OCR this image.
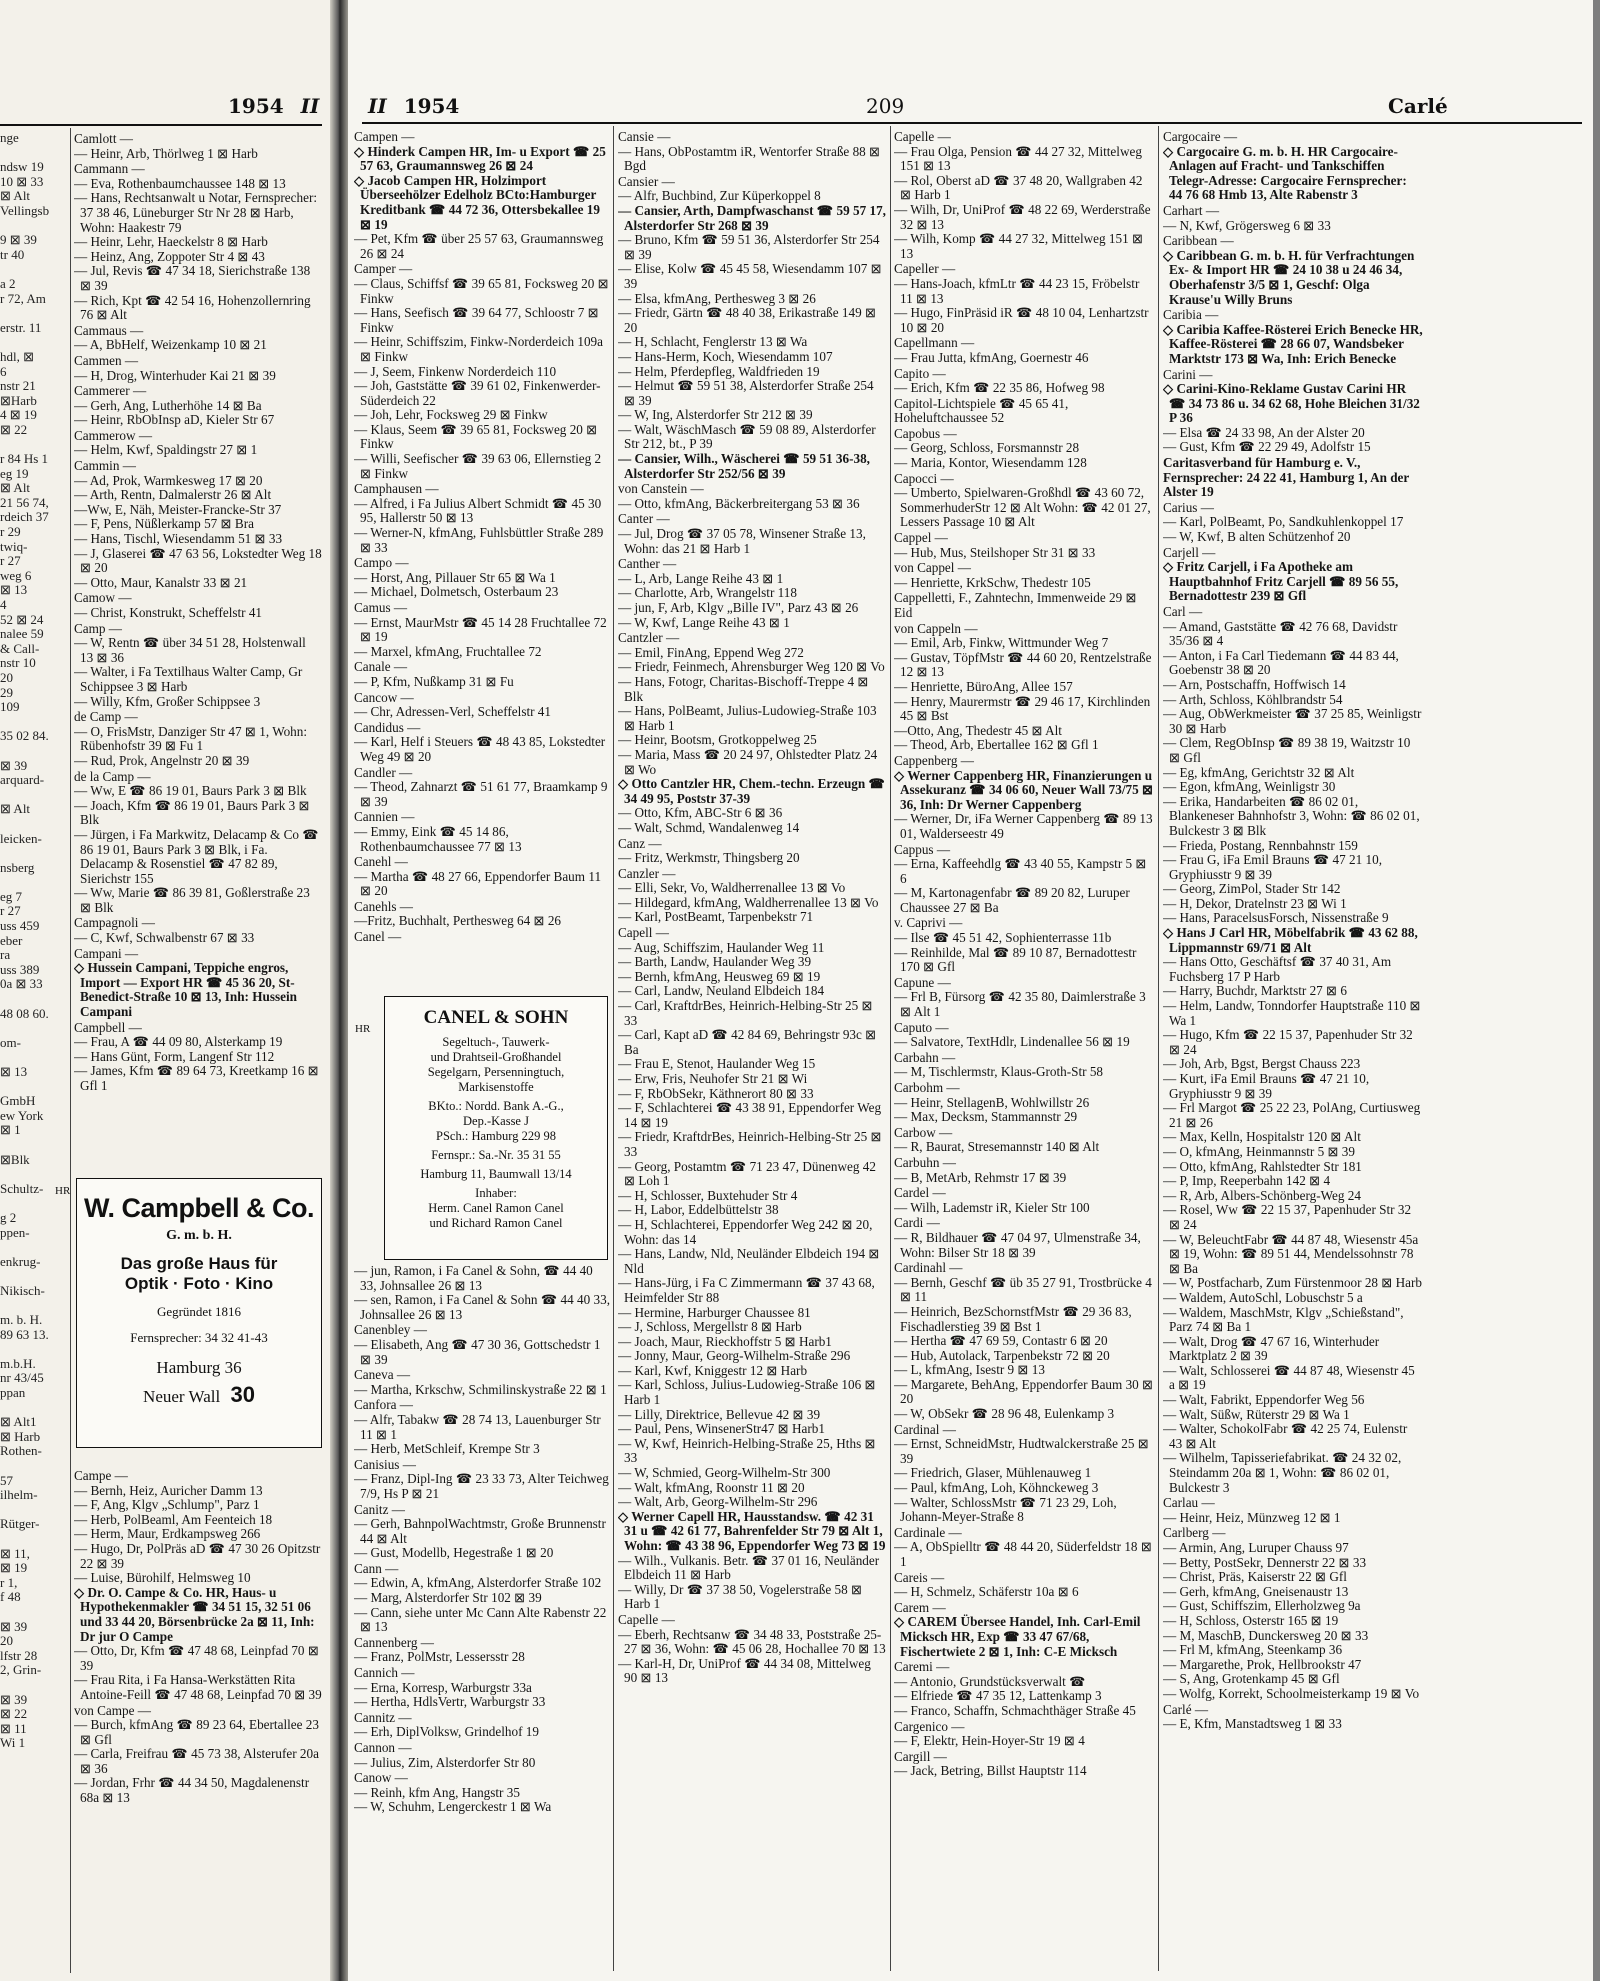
1954 II
nge
ndsw 19
10 ⊠ 33
⊠ Alt
Vellingsb
9 ⊠ 39
tr 40
a 2
r 72, Am
erstr. 11
hdl, ⊠
6
nstr 21
⊠Harb
4 ⊠ 19
⊠ 22
r 84 Hs 1
eg 19
⊠ Alt
21 56 74,
rdeich 37
r 29
twiq-
r 27
weg 6
⊠ 13
4
52 ⊠ 24
nalee 59
& Call-
nstr 10
20
29
109
35 02 84.
⊠ 39
arquard-
⊠ Alt
leicken-
nsberg
eg 7
r 27
uss 459
eber
ra
uss 389
0a ⊠ 33
48 08 60.
om-
⊠ 13
GmbH
ew York
⊠ 1
⊠Blk
Schultz-
g 2
ppen-
enkrug-
Nikisch-
m. b. H.
89 63 13.
m.b.H.
nr 43/45
ppan
⊠ Alt1
⊠ Harb
Rothen-
57
ilhelm-
Rütger-
⊠ 11,
⊠ 19
r 1,
f 48
⊠ 39
20
lfstr 28
2, Grin-
⊠ 39
⊠ 22
⊠ 11
Wi 1
Camlott —
— Heinr, Arb, Thörlweg 1 ⊠ Harb
Cammann —
— Eva, Rothenbaumchaussee 148 ⊠ 13
— Hans, Rechtsanwalt u Notar, Fernsprecher: 37 38 46, Lüneburger Str Nr 28 ⊠ Harb, Wohn: Haakestr 79
— Heinr, Lehr, Haeckelstr 8 ⊠ Harb
— Heinz, Ang, Zoppoter Str 4 ⊠ 43
— Jul, Revis ☎ 47 34 18, Sierichstraße 138 ⊠ 39
— Rich, Kpt ☎ 42 54 16, Hohenzollernring 76 ⊠ Alt
Cammaus —
— A, BbHelf, Weizenkamp 10 ⊠ 21
Cammen —
— H, Drog, Winterhuder Kai 21 ⊠ 39
Cammerer —
— Gerh, Ang, Lutherhöhe 14 ⊠ Ba
— Heinr, RbObInsp aD, Kieler Str 67
Cammerow —
— Helm, Kwf, Spaldingstr 27 ⊠ 1
Cammin —
— Ad, Prok, Warmkesweg 17 ⊠ 20
— Arth, Rentn, Dalmalerstr 26 ⊠ Alt
—Ww, E, Näh, Meister-Francke-Str 37
— F, Pens, Nüßlerkamp 57 ⊠ Bra
— Hans, Tischl, Wiesendamm 51 ⊠ 33
— J, Glaserei ☎ 47 63 56, Lokstedter Weg 18 ⊠ 20
— Otto, Maur, Kanalstr 33 ⊠ 21
Camow —
— Christ, Konstrukt, Scheffelstr 41
Camp —
— W, Rentn ☎ über 34 51 28, Holstenwall 13 ⊠ 36
— Walter, i Fa Textilhaus Walter Camp, Gr Schippsee 3 ⊠ Harb
— Willy, Kfm, Großer Schippsee 3
de Camp —
— O, FrisMstr, Danziger Str 47 ⊠ 1, Wohn: Rübenhofstr 39 ⊠ Fu 1
— Rud, Prok, Angelnstr 20 ⊠ 39
de la Camp —
— Ww, E ☎ 86 19 01, Baurs Park 3 ⊠ Blk
— Joach, Kfm ☎ 86 19 01, Baurs Park 3 ⊠ Blk
— Jürgen, i Fa Markwitz, Delacamp & Co ☎ 86 19 01, Baurs Park 3 ⊠ Blk, i Fa. Delacamp & Rosenstiel ☎ 47 82 89, Sierichstr 155
— Ww, Marie ☎ 86 39 81, Goßlerstraße 23 ⊠ Blk
Campagnoli —
— C, Kwf, Schwalbenstr 67 ⊠ 33
Campani —
◇ Hussein Campani, Teppiche engros, Import — Export HR ☎ 45 36 20, St-Benedict-Straße 10 ⊠ 13, Inh: Hussein Campani
Campbell —
— Frau, A ☎ 44 09 80, Alsterkamp 19
— Hans Günt, Form, Langenf Str 112
— James, Kfm ☎ 89 64 73, Kreetkamp 16 ⊠ Gfl 1
HR
W. Campbell & Co.
G. m. b. H.
Das große Haus für
Optik · Foto · Kino
Gegründet 1816
Fernsprecher: 34 32 41-43
Hamburg 36
Neuer Wall 30
Campe —
— Bernh, Heiz, Auricher Damm 13
— F, Ang, Klgv „Schlump", Parz 1
— Herb, PolBeaml, Am Feenteich 18
— Herm, Maur, Erdkampsweg 266
— Hugo, Dr, PolPräs aD ☎ 47 30 26 Opitzstr 22 ⊠ 39
— Luise, Bürohilf, Helmsweg 10
◇ Dr. O. Campe & Co. HR, Haus- u Hypothekenmakler ☎ 34 51 15, 32 51 06 und 33 44 20, Börsenbrücke 2a ⊠ 11, Inh: Dr jur O Campe
— Otto, Dr, Kfm ☎ 47 48 68, Leinpfad 70 ⊠ 39
— Frau Rita, i Fa Hansa-Werkstätten Rita Antoine-Feill ☎ 47 48 68, Leinpfad 70 ⊠ 39
von Campe —
— Burch, kfmAng ☎ 89 23 64, Ebertallee 23 ⊠ Gfl
— Carla, Freifrau ☎ 45 73 38, Alsterufer 20a ⊠ 36
— Jordan, Frhr ☎ 44 34 50, Magdalenenstr 68a ⊠ 13
II 1954	209	Carlé
Campen —
◇ Hinderk Campen HR, Im- u Export ☎ 25 57 63, Graumannsweg 26 ⊠ 24
◇ Jacob Campen HR, Holzimport Überseehölzer Edelholz BCto:Hamburger Kreditbank ☎ 44 72 36, Ottersbekallee 19 ⊠ 19
— Pet, Kfm ☎ über 25 57 63, Graumannsweg 26 ⊠ 24
Camper —
— Claus, Schiffsf ☎ 39 65 81, Focksweg 20 ⊠ Finkw
— Hans, Seefisch ☎ 39 64 77, Schloostr 7 ⊠ Finkw
— Heinr, Schiffszim, Finkw-Norderdeich 109a ⊠ Finkw
— J, Seem, Finkenw Norderdeich 110
— Joh, Gaststätte ☎ 39 61 02, Finkenwerder-Süderdeich 22
— Joh, Lehr, Focksweg 29 ⊠ Finkw
— Klaus, Seem ☎ 39 65 81, Focksweg 20 ⊠ Finkw
— Willi, Seefischer ☎ 39 63 06, Ellernstieg 2 ⊠ Finkw
Camphausen —
— Alfred, i Fa Julius Albert Schmidt ☎ 45 30 95, Hallerstr 50 ⊠ 13
— Werner-N, kfmAng, Fuhlsbüttler Straße 289 ⊠ 33
Campo —
— Horst, Ang, Pillauer Str 65 ⊠ Wa 1
— Michael, Dolmetsch, Osterbaum 23
Camus —
— Ernst, MaurMstr ☎ 45 14 28 Fruchtallee 72 ⊠ 19
— Marxel, kfmAng, Fruchtallee 72
Canale —
— P, Kfm, Nußkamp 31 ⊠ Fu
Cancow —
— Chr, Adressen-Verl, Scheffelstr 41
Candidus —
— Karl, Helf i Steuers ☎ 48 43 85, Lokstedter Weg 49 ⊠ 20
Candler —
— Theod, Zahnarzt ☎ 51 61 77, Braamkamp 9 ⊠ 39
Cannien —
— Emmy, Eink ☎ 45 14 86, Rothenbaumchaussee 77 ⊠ 13
Canehl —
— Martha ☎ 48 27 66, Eppendorfer Baum 11 ⊠ 20
Canehls —
—Fritz, Buchhalt, Perthesweg 64 ⊠ 26
Canel —
HR
CANEL & SOHN
Segeltuch-, Tauwerk-
und Drahtseil-Großhandel
Segelgarn, Persenningtuch,
Markisenstoffe
BKto.: Nordd. Bank A.-G.,
Dep.-Kasse J
PSch.: Hamburg 229 98
Fernspr.: Sa.-Nr. 35 31 55
Hamburg 11, Baumwall 13/14
Inhaber:
Herm. Canel Ramon Canel
und Richard Ramon Canel
— jun, Ramon, i Fa Canel & Sohn, ☎ 44 40 33, Johnsallee 26 ⊠ 13
— sen, Ramon, i Fa Canel & Sohn ☎ 44 40 33, Johnsallee 26 ⊠ 13
Canenbley —
— Elisabeth, Ang ☎ 47 30 36, Gottschedstr 1 ⊠ 39
Caneva —
— Martha, Krkschw, Schmilinskystraße 22 ⊠ 1
Canfora —
— Alfr, Tabakw ☎ 28 74 13, Lauenburger Str 11 ⊠ 1
— Herb, MetSchleif, Krempe Str 3
Canisius —
— Franz, Dipl-Ing ☎ 23 33 73, Alter Teichweg 7/9, Hs P ⊠ 21
Canitz —
— Gerh, BahnpolWachtmstr, Große Brunnenstr 44 ⊠ Alt
— Gust, Modellb, Hegestraße 1 ⊠ 20
Cann —
— Edwin, A, kfmAng, Alsterdorfer Straße 102
— Marg, Alsterdorfer Str 102 ⊠ 39
— Cann, siehe unter Mc Cann Alte Rabenstr 22 ⊠ 13
Cannenberg —
— Franz, PolMstr, Lessersstr 28
Cannich —
— Erna, Korresp, Warburgstr 33a
— Hertha, HdlsVertr, Warburgstr 33
Cannitz —
— Erh, DiplVolksw, Grindelhof 19
Cannon —
— Julius, Zim, Alsterdorfer Str 80
Canow —
— Reinh, kfm Ang, Hangstr 35
— W, Schuhm, Lengerckestr 1 ⊠ Wa
Cansie —
— Hans, ObPostamtm iR, Wentorfer Straße 88 ⊠ Bgd
Cansier —
— Alfr, Buchbind, Zur Küperkoppel 8
— Cansier, Arth, Dampfwaschanst ☎ 59 57 17, Alsterdorfer Str 268 ⊠ 39
— Bruno, Kfm ☎ 59 51 36, Alsterdorfer Str 254 ⊠ 39
— Elise, Kolw ☎ 45 45 58, Wiesendamm 107 ⊠ 39
— Elsa, kfmAng, Perthesweg 3 ⊠ 26
— Friedr, Gärtn ☎ 48 40 38, Erikastraße 149 ⊠ 20
— H, Schlacht, Fenglerstr 13 ⊠ Wa
— Hans-Herm, Koch, Wiesendamm 107
— Helm, Pferdepfleg, Waldfrieden 19
— Helmut ☎ 59 51 38, Alsterdorfer Straße 254 ⊠ 39
— W, Ing, Alsterdorfer Str 212 ⊠ 39
— Walt, WäschMasch ☎ 59 08 89, Alsterdorfer Str 212, bt., P 39
— Cansier, Wilh., Wäscherei ☎ 59 51 36-38, Alsterdorfer Str 252/56 ⊠ 39
von Canstein —
— Otto, kfmAng, Bäckerbreitergang 53 ⊠ 36
Canter —
— Jul, Drog ☎ 37 05 78, Winsener Straße 13, Wohn: das 21 ⊠ Harb 1
Canther —
— L, Arb, Lange Reihe 43 ⊠ 1
— Charlotte, Arb, Wrangelstr 118
— jun, F, Arb, Klgv „Bille IV", Parz 43 ⊠ 26
— W, Kwf, Lange Reihe 43 ⊠ 1
Cantzler —
— Emil, FinAng, Eppend Weg 272
— Friedr, Feinmech, Ahrensburger Weg 120 ⊠ Vo
— Hans, Fotogr, Charitas-Bischoff-Treppe 4 ⊠ Blk
— Hans, PolBeamt, Julius-Ludowieg-Straße 103 ⊠ Harb 1
— Heinr, Bootsm, Grotkoppelweg 25
— Maria, Mass ☎ 20 24 97, Ohlstedter Platz 24 ⊠ Wo
◇ Otto Cantzler HR, Chem.-techn. Erzeugn ☎ 34 49 95, Poststr 37-39
— Otto, Kfm, ABC-Str 6 ⊠ 36
— Walt, Schmd, Wandalenweg 14
Canz —
— Fritz, Werkmstr, Thingsberg 20
Canzler —
— Elli, Sekr, Vo, Waldherrenallee 13 ⊠ Vo
— Hildegard, kfmAng, Waldherrenallee 13 ⊠ Vo
— Karl, PostBeamt, Tarpenbekstr 71
Capell —
— Aug, Schiffszim, Haulander Weg 11
— Barth, Landw, Haulander Weg 39
— Bernh, kfmAng, Heusweg 69 ⊠ 19
— Carl, Landw, Neuland Elbdeich 184
— Carl, KraftdrBes, Heinrich-Helbing-Str 25 ⊠ 33
— Carl, Kapt aD ☎ 42 84 69, Behringstr 93c ⊠ Ba
— Frau E, Stenot, Haulander Weg 15
— Erw, Fris, Neuhofer Str 21 ⊠ Wi
— F, RbObSekr, Käthnerort 80 ⊠ 33
— F, Schlachterei ☎ 43 38 91, Eppendorfer Weg 14 ⊠ 19
— Friedr, KraftdrBes, Heinrich-Helbing-Str 25 ⊠ 33
— Georg, Postamtm ☎ 71 23 47, Dünenweg 42 ⊠ Loh 1
— H, Schlosser, Buxtehuder Str 4
— H, Labor, Eddelbüttelstr 38
— H, Schlachterei, Eppendorfer Weg 242 ⊠ 20, Wohn: das 14
— Hans, Landw, Nld, Neuländer Elbdeich 194 ⊠ Nld
— Hans-Jürg, i Fa C Zimmermann ☎ 37 43 68, Heimfelder Str 88
— Hermine, Harburger Chaussee 81
— J, Schloss, Mergellstr 8 ⊠ Harb
— Joach, Maur, Rieckhoffstr 5 ⊠ Harb1
— Jonny, Maur, Georg-Wilhelm-Straße 296
— Karl, Kwf, Kniggestr 12 ⊠ Harb
— Karl, Schloss, Julius-Ludowieg-Straße 106 ⊠ Harb 1
— Lilly, Direktrice, Bellevue 42 ⊠ 39
— Paul, Pens, WinsenerStr47 ⊠ Harb1
— W, Kwf, Heinrich-Helbing-Straße 25, Hths ⊠ 33
— W, Schmied, Georg-Wilhelm-Str 300
— Walt, kfmAng, Roonstr 11 ⊠ 20
— Walt, Arb, Georg-Wilhelm-Str 296
◇ Werner Capell HR, Hausstandsw. ☎ 42 31 31 u ☎ 42 61 77, Bahrenfelder Str 79 ⊠ Alt 1, Wohn: ☎ 43 38 96, Eppendorfer Weg 73 ⊠ 19
— Wilh., Vulkanis. Betr. ☎ 37 01 16, Neuländer Elbdeich 11 ⊠ Harb
— Willy, Dr ☎ 37 38 50, Vogelerstraße 58 ⊠ Harb 1
Capelle —
— Eberh, Rechtsanw ☎ 34 48 33, Poststraße 25-27 ⊠ 36, Wohn: ☎ 45 06 28, Hochallee 70 ⊠ 13
— Karl-H, Dr, UniProf ☎ 44 34 08, Mittelweg 90 ⊠ 13
Capelle —
— Frau Olga, Pension ☎ 44 27 32, Mittelweg 151 ⊠ 13
— Rol, Oberst aD ☎ 37 48 20, Wallgraben 42 ⊠ Harb 1
— Wilh, Dr, UniProf ☎ 48 22 69, Werderstraße 32 ⊠ 13
— Wilh, Komp ☎ 44 27 32, Mittelweg 151 ⊠ 13
Capeller —
— Hans-Joach, kfmLtr ☎ 44 23 15, Fröbelstr 11 ⊠ 13
— Hugo, FinPräsid iR ☎ 48 10 04, Lenhartzstr 10 ⊠ 20
Capellmann —
— Frau Jutta, kfmAng, Goernestr 46
Capito —
— Erich, Kfm ☎ 22 35 86, Hofweg 98
Capitol-Lichtspiele ☎ 45 65 41, Hoheluftchaussee 52
Capobus —
— Georg, Schloss, Forsmannstr 28
— Maria, Kontor, Wiesendamm 128
Capocci —
— Umberto, Spielwaren-Großhdl ☎ 43 60 72, SommerhuderStr 12 ⊠ Alt Wohn: ☎ 42 01 27, Lessers Passage 10 ⊠ Alt
Cappel —
— Hub, Mus, Steilshoper Str 31 ⊠ 33
von Cappel —
— Henriette, KrkSchw, Thedestr 105
Cappelletti, F., Zahntechn, Immenweide 29 ⊠ Eid
von Cappeln —
— Emil, Arb, Finkw, Wittmunder Weg 7
— Gustav, TöpfMstr ☎ 44 60 20, Rentzelstraße 12 ⊠ 13
— Henriette, BüroAng, Allee 157
— Henry, Maurermstr ☎ 29 46 17, Kirchlinden 45 ⊠ Bst
—Otto, Ang, Thedestr 45 ⊠ Alt
— Theod, Arb, Ebertallee 162 ⊠ Gfl 1
Cappenberg —
◇ Werner Cappenberg HR, Finanzierungen u Assekuranz ☎ 34 06 60, Neuer Wall 73/75 ⊠ 36, Inh: Dr Werner Cappenberg
— Werner, Dr, iFa Werner Cappenberg ☎ 89 13 01, Walderseestr 49
Cappus —
— Erna, Kaffeehdlg ☎ 43 40 55, Kampstr 5 ⊠ 6
— M, Kartonagenfabr ☎ 89 20 82, Luruper Chaussee 27 ⊠ Ba
v. Caprivi —
— Ilse ☎ 45 51 42, Sophienterrasse 11b
— Reinhilde, Mal ☎ 89 10 87, Bernadottestr 170 ⊠ Gfl
Capune —
— Frl B, Fürsorg ☎ 42 35 80, Daimlerstraße 3 ⊠ Alt 1
Caputo —
— Salvatore, TextHdlr, Lindenallee 56 ⊠ 19
Carbahn —
— M, Tischlermstr, Klaus-Groth-Str 58
Carbohm —
— Heinr, StellagenB, Wohlwillstr 26
— Max, Decksm, Stammannstr 29
Carbow —
— R, Baurat, Stresemannstr 140 ⊠ Alt
Carbuhn —
— B, MetArb, Rehmstr 17 ⊠ 39
Cardel —
— Wilh, Lademstr iR, Kieler Str 100
Cardi —
— R, Bildhauer ☎ 47 04 97, Ulmenstraße 34, Wohn: Bilser Str 18 ⊠ 39
Cardinahl —
— Bernh, Geschf ☎ üb 35 27 91, Trostbrücke 4 ⊠ 11
— Heinrich, BezSchornstfMstr ☎ 29 36 83, Fischadlerstieg 39 ⊠ Bst 1
— Hertha ☎ 47 69 59, Contastr 6 ⊠ 20
— Hub, Autolack, Tarpenbekstr 72 ⊠ 20
— L, kfmAng, Isestr 9 ⊠ 13
— Margarete, BehAng, Eppendorfer Baum 30 ⊠ 20
— W, ObSekr ☎ 28 96 48, Eulenkamp 3
Cardinal —
— Ernst, SchneidMstr, Hudtwalckerstraße 25 ⊠ 39
— Friedrich, Glaser, Mühlenauweg 1
— Paul, kfmAng, Loh, Köhnckeweg 3
— Walter, SchlossMstr ☎ 71 23 29, Loh, Johann-Meyer-Straße 8
Cardinale —
— A, ObSpielltr ☎ 48 44 20, Süderfeldstr 18 ⊠ 1
Careis —
— H, Schmelz, Schäferstr 10a ⊠ 6
Carem —
◇ CAREM Übersee Handel, Inh. Carl-Emil Micksch HR, Exp ☎ 33 47 67/68, Fischertwiete 2 ⊠ 1, Inh: C-E Micksch
Caremi —
— Antonio, Grundstücksverwalt ☎
— Elfriede ☎ 47 35 12, Lattenkamp 3
— Franco, Schaffn, Schmachthäger Straße 45
Cargenico —
— F, Elektr, Hein-Hoyer-Str 19 ⊠ 4
Cargill —
— Jack, Betring, Billst Hauptstr 114
Cargocaire —
◇ Cargocaire G. m. b. H. HR Cargocaire-Anlagen auf Fracht- und Tankschiffen Telegr-Adresse: Cargocaire Fernsprecher: 44 76 68 Hmb 13, Alte Rabenstr 3
Carhart —
— N, Kwf, Grögersweg 6 ⊠ 33
Caribbean —
◇ Caribbean G. m. b. H. für Verfrachtungen Ex- & Import HR ☎ 24 10 38 u 24 46 34, Oberhafenstr 3/5 ⊠ 1, Geschf: Olga Krause'u Willy Bruns
Caribia —
◇ Caribia Kaffee-Rösterei Erich Benecke HR, Kaffee-Rösterei ☎ 28 66 07, Wandsbeker Marktstr 173 ⊠ Wa, Inh: Erich Benecke
Carini —
◇ Carini-Kino-Reklame Gustav Carini HR ☎ 34 73 86 u. 34 62 68, Hohe Bleichen 31/32 P 36
— Elsa ☎ 24 33 98, An der Alster 20
— Gust, Kfm ☎ 22 29 49, Adolfstr 15
Caritasverband für Hamburg e. V., Fernsprecher: 24 22 41, Hamburg 1, An der Alster 19
Carius —
— Karl, PolBeamt, Po, Sandkuhlenkoppel 17
— W, Kwf, B alten Schützenhof 20
Carjell —
◇ Fritz Carjell, i Fa Apotheke am Hauptbahnhof Fritz Carjell ☎ 89 56 55, Bernadottestr 239 ⊠ Gfl
Carl —
— Amand, Gaststätte ☎ 42 76 68, Davidstr 35/36 ⊠ 4
— Anton, i Fa Carl Tiedemann ☎ 44 83 44, Goebenstr 38 ⊠ 20
— Arn, Postschaffn, Hoffwisch 14
— Arth, Schloss, Köhlbrandstr 54
— Aug, ObWerkmeister ☎ 37 25 85, Weinligstr 30 ⊠ Harb
— Clem, RegObInsp ☎ 89 38 19, Waitzstr 10 ⊠ Gfl
— Eg, kfmAng, Gerichtstr 32 ⊠ Alt
— Egon, kfmAng, Weinligstr 30
— Erika, Handarbeiten ☎ 86 02 01, Blankeneser Bahnhofstr 3, Wohn: ☎ 86 02 01, Bulckestr 3 ⊠ Blk
— Frieda, Postang, Rennbahnstr 159
— Frau G, iFa Emil Brauns ☎ 47 21 10, Gryphiusstr 9 ⊠ 39
— Georg, ZimPol, Stader Str 142
— H, Dekor, Dratelnstr 23 ⊠ Wi 1
— Hans, ParacelsusForsch, Nissenstraße 9
◇ Hans J Carl HR, Möbelfabrik ☎ 43 62 88, Lippmannstr 69/71 ⊠ Alt
— Hans Otto, Geschäftsf ☎ 37 40 31, Am Fuchsberg 17 P Harb
— Harry, Buchdr, Marktstr 27 ⊠ 6
— Helm, Landw, Tonndorfer Hauptstraße 110 ⊠ Wa 1
— Hugo, Kfm ☎ 22 15 37, Papenhuder Str 32 ⊠ 24
— Joh, Arb, Bgst, Bergst Chauss 223
— Kurt, iFa Emil Brauns ☎ 47 21 10, Gryphiusstr 9 ⊠ 39
— Frl Margot ☎ 25 22 23, PolAng, Curtiusweg 21 ⊠ 26
— Max, Kelln, Hospitalstr 120 ⊠ Alt
— O, kfmAng, Heinmannstr 5 ⊠ 39
— Otto, kfmAng, Rahlstedter Str 181
— P, Imp, Reeperbahn 142 ⊠ 4
— R, Arb, Albers-Schönberg-Weg 24
— Rosel, Ww ☎ 22 15 37, Papenhuder Str 32 ⊠ 24
— W, BeleuchtFabr ☎ 44 87 48, Wiesenstr 45a ⊠ 19, Wohn: ☎ 89 51 44, Mendelssohnstr 78 ⊠ Ba
— W, Postfacharb, Zum Fürstenmoor 28 ⊠ Harb
— Waldem, AutoSchl, Lobuschstr 5 a
— Waldem, MaschMstr, Klgv „Schießstand", Parz 74 ⊠ Ba 1
— Walt, Drog ☎ 47 67 16, Winterhuder Marktplatz 2 ⊠ 39
— Walt, Schlosserei ☎ 44 87 48, Wiesenstr 45 a ⊠ 19
— Walt, Fabrikt, Eppendorfer Weg 56
— Walt, Süßw, Rüterstr 29 ⊠ Wa 1
— Walter, SchokolFabr ☎ 42 25 74, Eulenstr 43 ⊠ Alt
— Wilhelm, Tapisseriefabrikat. ☎ 24 32 02, Steindamm 20a ⊠ 1, Wohn: ☎ 86 02 01, Bulckestr 3
Carlau —
— Heinr, Heiz, Münzweg 12 ⊠ 1
Carlberg —
— Armin, Ang, Luruper Chauss 97
— Betty, PostSekr, Dennerstr 22 ⊠ 33
— Christ, Präs, Kaiserstr 22 ⊠ Gfl
— Gerh, kfmAng, Gneisenaustr 13
— Gust, Schiffszim, Ellerholzweg 9a
— H, Schloss, Osterstr 165 ⊠ 19
— M, MaschB, Dunckersweg 20 ⊠ 33
— Frl M, kfmAng, Steenkamp 36
— Margarethe, Prok, Hellbrookstr 47
— S, Ang, Grotenkamp 45 ⊠ Gfl
— Wolfg, Korrekt, Schoolmeisterkamp 19 ⊠ Vo
Carlé —
— E, Kfm, Manstadtsweg 1 ⊠ 33
